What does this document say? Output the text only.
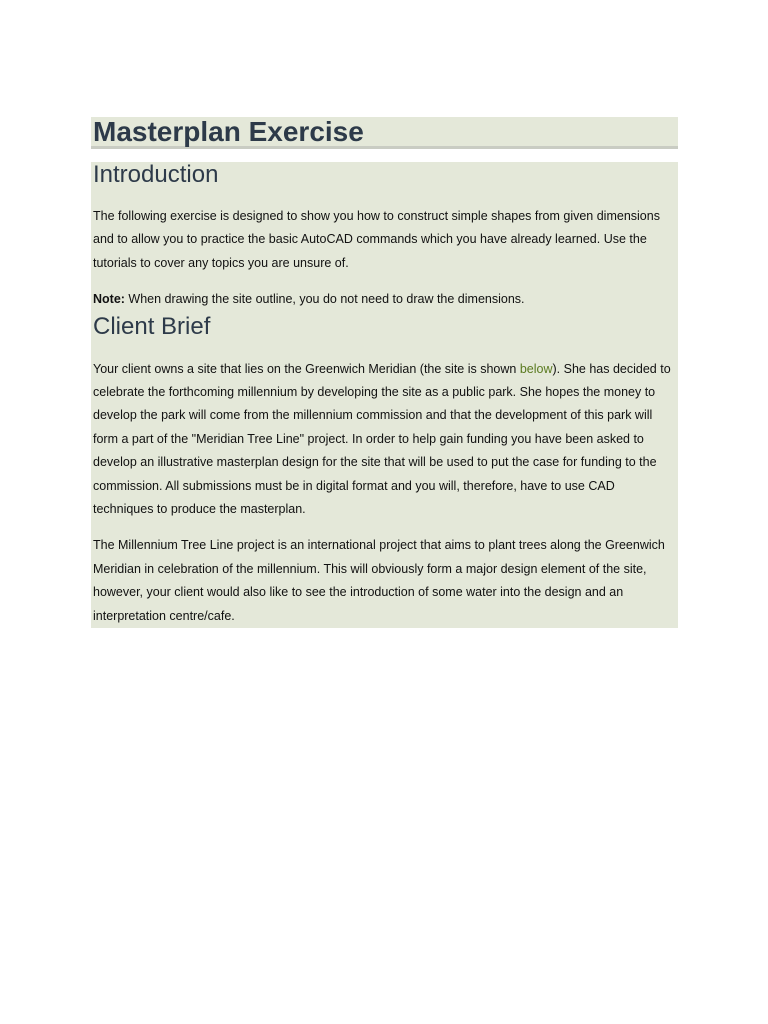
Masterplan Exercise
Introduction

The following exercise is designed to show you how to construct simple shapes from given dimensions and to allow you to practice the basic AutoCAD commands which you have already learned. Use the tutorials to cover any topics you are unsure of.

Note: When drawing the site outline, you do not need to draw the dimensions.

Client Brief

Your client owns a site that lies on the Greenwich Meridian (the site is shown below). She has decided to celebrate the forthcoming millennium by developing the site as a public park. She hopes the money to develop the park will come from the millennium commission and that the development of this park will form a part of the "Meridian Tree Line" project. In order to help gain funding you have been asked to develop an illustrative masterplan design for the site that will be used to put the case for funding to the commission. All submissions must be in digital format and you will, therefore, have to use CAD techniques to produce the masterplan.

The Millennium Tree Line project is an international project that aims to plant trees along the Greenwich Meridian in celebration of the millennium. This will obviously form a major design element of the site, however, your client would also like to see the introduction of some water into the design and an interpretation centre/cafe.
